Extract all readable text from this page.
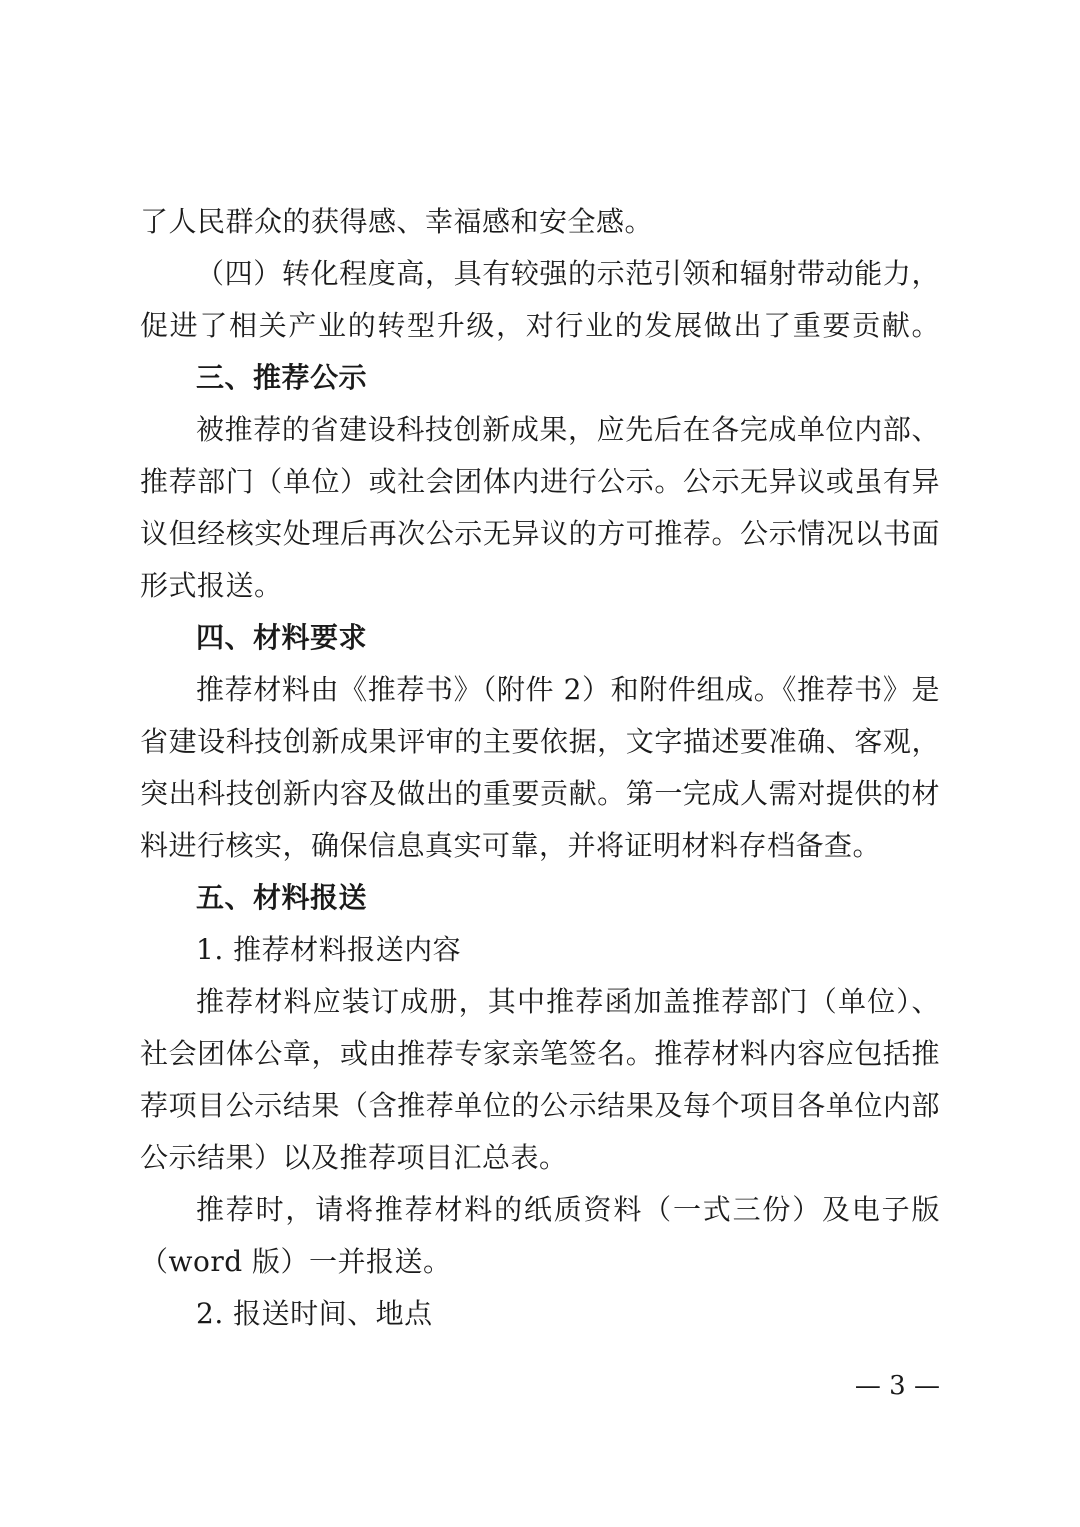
了人民群众的获得感、幸福感和安全感。
（四）转化程度高，具有较强的示范引领和辐射带动能力，
促进了相关产业的转型升级，对行业的发展做出了重要贡献。
三、推荐公示
被推荐的省建设科技创新成果，应先后在各完成单位内部、
推荐部门（单位）或社会团体内进行公示。公示无异议或虽有异
议但经核实处理后再次公示无异议的方可推荐。公示情况以书面
形式报送。
四、材料要求
推荐材料由《推荐书》（附件 2）和附件组成。《推荐书》是
省建设科技创新成果评审的主要依据，文字描述要准确、客观，
突出科技创新内容及做出的重要贡献。第一完成人需对提供的材
料进行核实，确保信息真实可靠，并将证明材料存档备查。
五、材料报送
1. 推荐材料报送内容
推荐材料应装订成册，其中推荐函加盖推荐部门（单位）、
社会团体公章，或由推荐专家亲笔签名。推荐材料内容应包括推
荐项目公示结果（含推荐单位的公示结果及每个项目各单位内部
公示结果）以及推荐项目汇总表。
推荐时，请将推荐材料的纸质资料（一式三份）及电子版
（word 版）一并报送。
2. 报送时间、地点
— 3 —
